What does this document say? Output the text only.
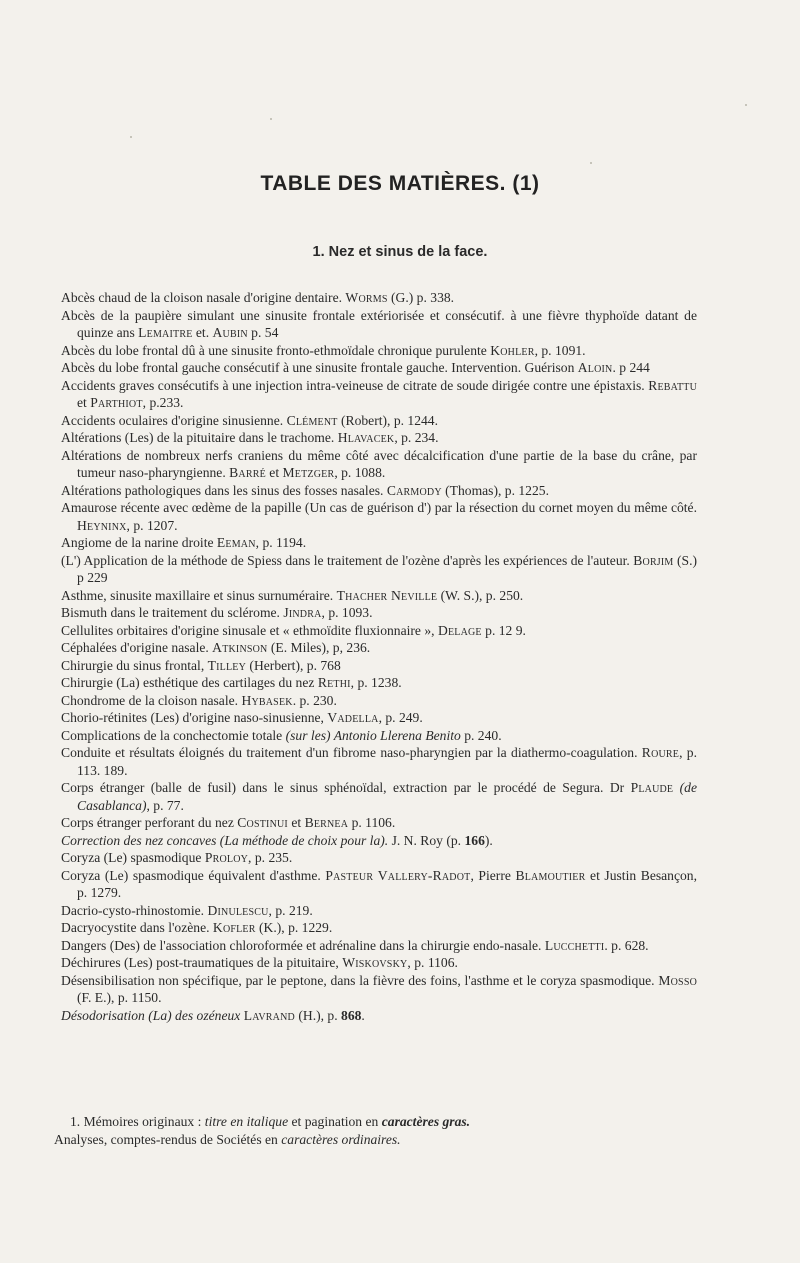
TABLE DES MATIÈRES. (1)
1. Nez et sinus de la face.
Abcès chaud de la cloison nasale d'origine dentaire. Worms (G.) p. 338.
Abcès de la paupière simulant une sinusite frontale extériorisée et consécutif. à une fièvre thyphoïde datant de quinze ans Lemaitre et. Aubin p. 54
Abcès du lobe frontal dû à une sinusite fronto-ethmoïdale chronique purulente Kohler, p. 1091.
Abcès du lobe frontal gauche consécutif à une sinusite frontale gauche. Intervention. Guérison Aloin. p 244
Accidents graves consécutifs à une injection intra-veineuse de citrate de soude dirigée contre une épistaxis. Rebattu et Parthiot, p.233.
Accidents oculaires d'origine sinusienne. Clément (Robert), p. 1244.
Altérations (Les) de la pituitaire dans le trachome. Hlavacek, p. 234.
Altérations de nombreux nerfs craniens du même côté avec décalcification d'une partie de la base du crâne, par tumeur naso-pharyngienne. Barré et Metzger, p. 1088.
Altérations pathologiques dans les sinus des fosses nasales. Carmody (Thomas), p. 1225.
Amaurose récente avec œdème de la papille (Un cas de guérison d') par la résection du cornet moyen du même côté. Heyninx, p. 1207.
Angiome de la narine droite Eeman, p. 1194.
(L') Application de la méthode de Spiess dans le traitement de l'ozène d'après les expériences de l'auteur. Borjim (S.) p 229
Asthme, sinusite maxillaire et sinus surnuméraire. Thacher Neville (W. S.), p. 250.
Bismuth dans le traitement du sclérome. Jindra, p. 1093.
Cellulites orbitaires d'origine sinusale et « ethmoïdite fluxionnaire », Delage p. 12 9.
Céphalées d'origine nasale. Atkinson (E. Miles), p, 236.
Chirurgie du sinus frontal, Tilley (Herbert), p. 768
Chirurgie (La) esthétique des cartilages du nez Rethi, p. 1238.
Chondrome de la cloison nasale. Hybasek. p. 230.
Chorio-rétinites (Les) d'origine naso-sinusienne, Vadella, p. 249.
Complications de la conchectomie totale (sur les) Antonio Llerena Benito p. 240.
Conduite et résultats éloignés du traitement d'un fibrome naso-pharyngien par la diathermo-coagulation. Roure, p. 113. 189.
Corps étranger (balle de fusil) dans le sinus sphénoïdal, extraction par le procédé de Segura. Dr Plaude (de Casablanca), p. 77.
Corps étranger perforant du nez Costinui et Bernea p. 1106.
Correction des nez concaves (La méthode de choix pour la). J. N. Roy (p. 166).
Coryza (Le) spasmodique Proloy, p. 235.
Coryza (Le) spasmodique équivalent d'asthme. Pasteur Vallery-Radot, Pierre Blamoutier et Justin Besançon, p. 1279.
Dacrio-cysto-rhinostomie. Dinulescu, p. 219.
Dacryocystite dans l'ozène. Kofler (K.), p. 1229.
Dangers (Des) de l'association chloroformée et adrénaline dans la chirurgie endo-nasale. Lucchetti. p. 628.
Déchirures (Les) post-traumatiques de la pituitaire, Wiskovsky, p. 1106.
Désensibilisation non spécifique, par le peptone, dans la fièvre des foins, l'asthme et le coryza spasmodique. Mosso (F. E.), p. 1150.
Désodorisation (La) des ozéneux Lavrand (H.), p. 868.
1. Mémoires originaux : titre en italique et pagination en caractères gras.
Analyses, comptes-rendus de Sociétés en caractères ordinaires.
